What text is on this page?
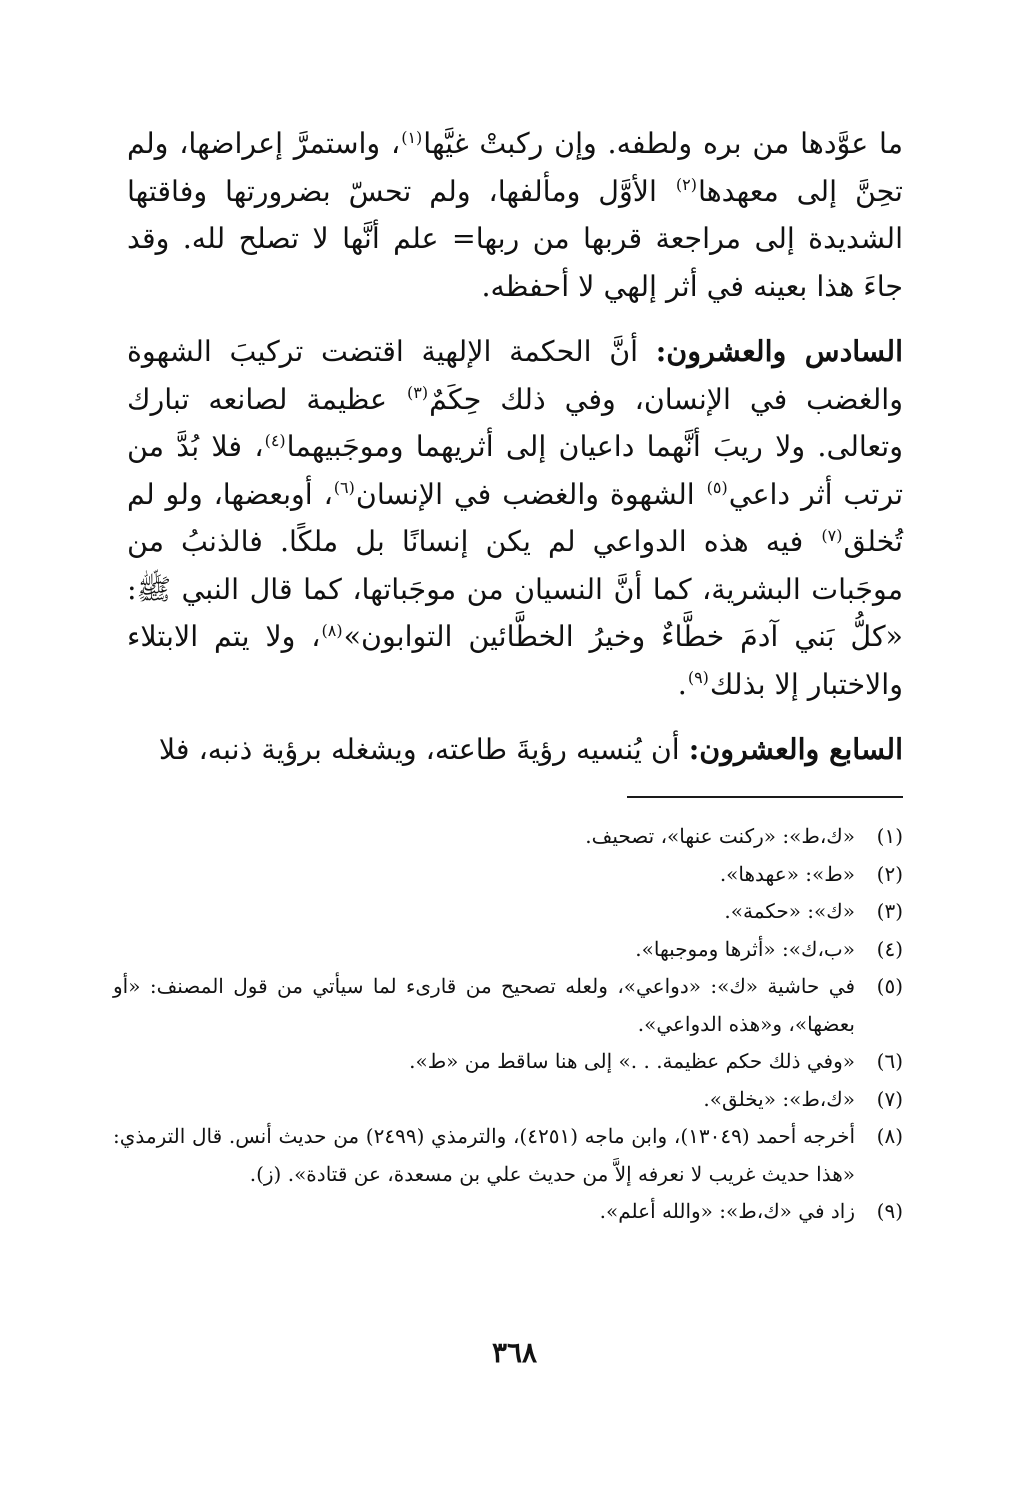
ما عوَّدها من بره ولطفه. وإن ركبتْ غيَّها$^{(١)}$، واستمرَّ إعراضها، ولم تحِنَّ إلى معهدها$^{(٢)}$ الأوَّل ومألفها، ولم تحسّ بضرورتها وفاقتها الشديدة إلى مراجعة قربها من ربها= علم أنَّها لا تصلح لله. وقد جاءَ هذا بعينه في أثر إلهي لا أحفظه.

السادس والعشرون: أنَّ الحكمة الإلهية اقتضت تركيبَ الشهوة والغضب في الإنسان، وفي ذلك حِكَمٌ$^{(٣)}$ عظيمة لصانعه تبارك وتعالى. ولا ريبَ أنَّهما داعيان إلى أثريهما وموجَبيهما$^{(٤)}$، فلا بُدَّ من ترتب أثر داعي$^{(٥)}$ الشهوة والغضب في الإنسان$^{(٦)}$، أوبعضها، ولو لم تُخلق$^{(٧)}$ فيه هذه الدواعي لم يكن إنسانًا بل ملكًا. فالذنبُ من موجَبات البشرية، كما أنَّ النسيان من موجَباتها، كما قال النبي ﷺ: «كلُّ بَني آدمَ خطَّاءٌ وخيرُ الخطَّائين التوابون»$^{(٨)}$، ولا يتم الابتلاء والاختبار إلا بذلك$^{(٩)}$.

السابع والعشرون: أن يُنسيه رؤيةَ طاعته، ويشغله برؤية ذنبه، فلا

(١)
«ك،ط»: «ركنت عنها»، تصحيف.
(٢)
«ط»: «عهدها».
(٣)
«ك»: «حكمة».
(٤)
«ب،ك»: «أثرها وموجبها».
(٥)
في حاشية «ك»: «دواعي»، ولعله تصحيح من قارىء لما سيأتي من قول المصنف: «أو بعضها»، و«هذه الدواعي».
(٦)
«وفي ذلك حكم عظيمة. . .» إلى هنا ساقط من «ط».
(٧)
«ك،ط»: «يخلق».
(٨)
أخرجه أحمد (١٣٠٤٩)، وابن ماجه (٤٢٥١)، والترمذي (٢٤٩٩) من حديث أنس. قال الترمذي: «هذا حديث غريب لا نعرفه إلاَّ من حديث علي بن مسعدة، عن قتادة». (ز).
(٩)
زاد في «ك،ط»: «والله أعلم».
٣٦٨
